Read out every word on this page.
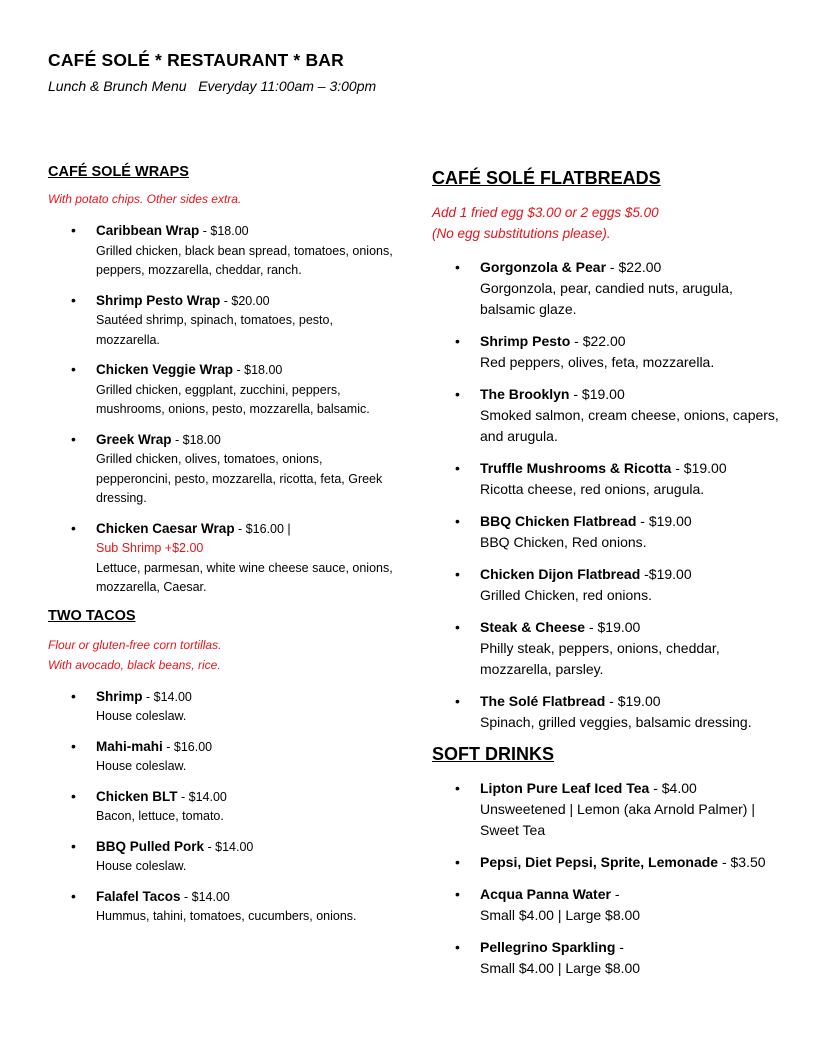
CAFÉ SOLÉ * RESTAURANT * BAR
Lunch & Brunch Menu   Everyday 11:00am – 3:00pm
CAFÉ SOLÉ WRAPS
With potato chips. Other sides extra.
• Caribbean Wrap - $18.00
Grilled chicken, black bean spread, tomatoes, onions, peppers, mozzarella, cheddar, ranch.
• Shrimp Pesto Wrap - $20.00
Sautéed shrimp, spinach, tomatoes, pesto, mozzarella.
• Chicken Veggie Wrap - $18.00
Grilled chicken, eggplant, zucchini, peppers, mushrooms, onions, pesto, mozzarella, balsamic.
• Greek Wrap - $18.00
Grilled chicken, olives, tomatoes, onions, pepperoncini, pesto, mozzarella, ricotta, feta, Greek dressing.
• Chicken Caesar Wrap - $16.00 |
Sub Shrimp +$2.00
Lettuce, parmesan, white wine cheese sauce, onions, mozzarella, Caesar.
TWO TACOS
Flour or gluten-free corn tortillas.
With avocado, black beans, rice.
• Shrimp - $14.00
House coleslaw.
• Mahi-mahi - $16.00
House coleslaw.
• Chicken BLT - $14.00
Bacon, lettuce, tomato.
• BBQ Pulled Pork - $14.00
House coleslaw.
• Falafel Tacos - $14.00
Hummus, tahini, tomatoes, cucumbers, onions.
CAFÉ SOLÉ FLATBREADS
Add 1 fried egg $3.00 or 2 eggs $5.00
(No egg substitutions please).
• Gorgonzola & Pear - $22.00
Gorgonzola, pear, candied nuts, arugula, balsamic glaze.
• Shrimp Pesto - $22.00
Red peppers, olives, feta, mozzarella.
• The Brooklyn - $19.00
Smoked salmon, cream cheese, onions, capers, and arugula.
• Truffle Mushrooms & Ricotta - $19.00
Ricotta cheese, red onions, arugula.
• BBQ Chicken Flatbread - $19.00
BBQ Chicken, Red onions.
• Chicken Dijon Flatbread -$19.00
Grilled Chicken, red onions.
• Steak & Cheese - $19.00
Philly steak, peppers, onions, cheddar, mozzarella, parsley.
• The Solé Flatbread - $19.00
Spinach, grilled veggies, balsamic dressing.
SOFT DRINKS
• Lipton Pure Leaf Iced Tea - $4.00
Unsweetened | Lemon (aka Arnold Palmer) | Sweet Tea
• Pepsi, Diet Pepsi, Sprite, Lemonade - $3.50
• Acqua Panna Water -
Small $4.00 | Large $8.00
• Pellegrino Sparkling -
Small $4.00 | Large $8.00
